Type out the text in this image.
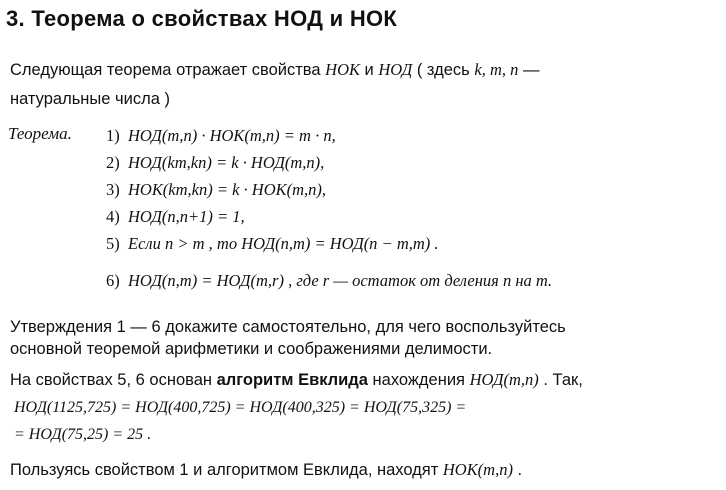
3. Теорема о свойствах НОД и НОК
Следующая теорема отражает свойства НОК и НОД ( здесь k, m, n —
натуральные числа )
Теорема. 1) НОД(m,n) · НОК(m,n) = m · n,
2) НОД(km,kn) = k · НОД(m,n),
3) НОК(km,kn) = k · НОК(m,n),
4) НОД(n,n+1) = 1,
5) Если n > m , то НОД(n,m) = НОД(n − m,m) .
6) НОД(n,m) = НОД(m,r) , где r — остаток от деления n на m.
Утверждения 1 — 6 докажите самостоятельно, для чего воспользуйтесь
основной теоремой арифметики и соображениями делимости.
На свойствах 5, 6 основан алгоритм Евклида нахождения НОД(m,n) . Так,
НОД(1125,725) = НОД(400,725) = НОД(400,325) = НОД(75,325) =
= НОД(75,25) = 25 .
Пользуясь свойством 1 и алгоритмом Евклида, находят НОК(m,n) .
